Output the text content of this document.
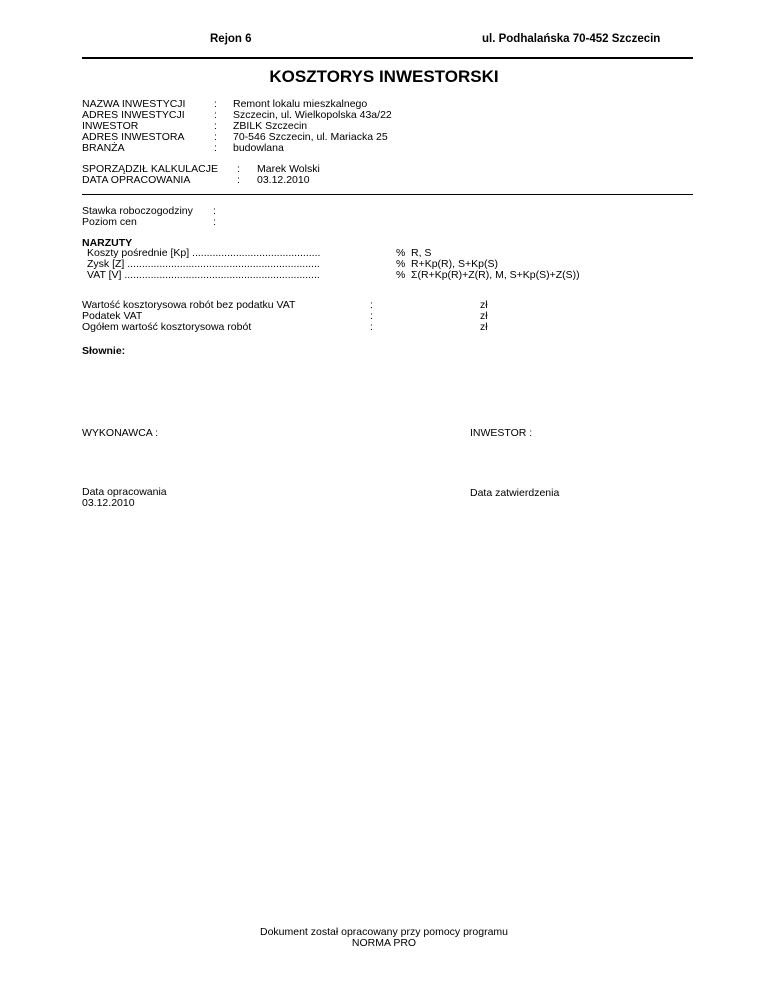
Rejon 6	ul. Podhalańska 70-452 Szczecin
KOSZTORYS INWESTORSKI
NAZWA INWESTYCJI
ADRES INWESTYCJI
INWESTOR
ADRES INWESTORA
BRANŻA
:
:
:
:
:
Remont lokalu mieszkalnego
Szczecin, ul. Wielkopolska 43a/22
ZBILK Szczecin
70-546 Szczecin, ul. Mariacka 25
budowlana
SPORZĄDZIŁ KALKULACJE
DATA OPRACOWANIA
:
:
Marek Wolski
03.12.2010
Stawka roboczogodziny
Poziom cen
:
:
NARZUTY
Koszty pośrednie [Kp] ............................................
Zysk [Z] ..................................................................
VAT [V] ...................................................................
%
%
%
R, S
R+Kp(R), S+Kp(S)
Σ(R+Kp(R)+Z(R), M, S+Kp(S)+Z(S))
Wartość kosztorysowa robót bez podatku VAT
Podatek VAT
Ogółem wartość kosztorysowa robót
:
:
:
zł
zł
zł
Słownie:
WYKONAWCA :	INWESTOR :
Data opracowania
03.12.2010
Data zatwierdzenia
Dokument został opracowany przy pomocy programu
NORMA PRO
